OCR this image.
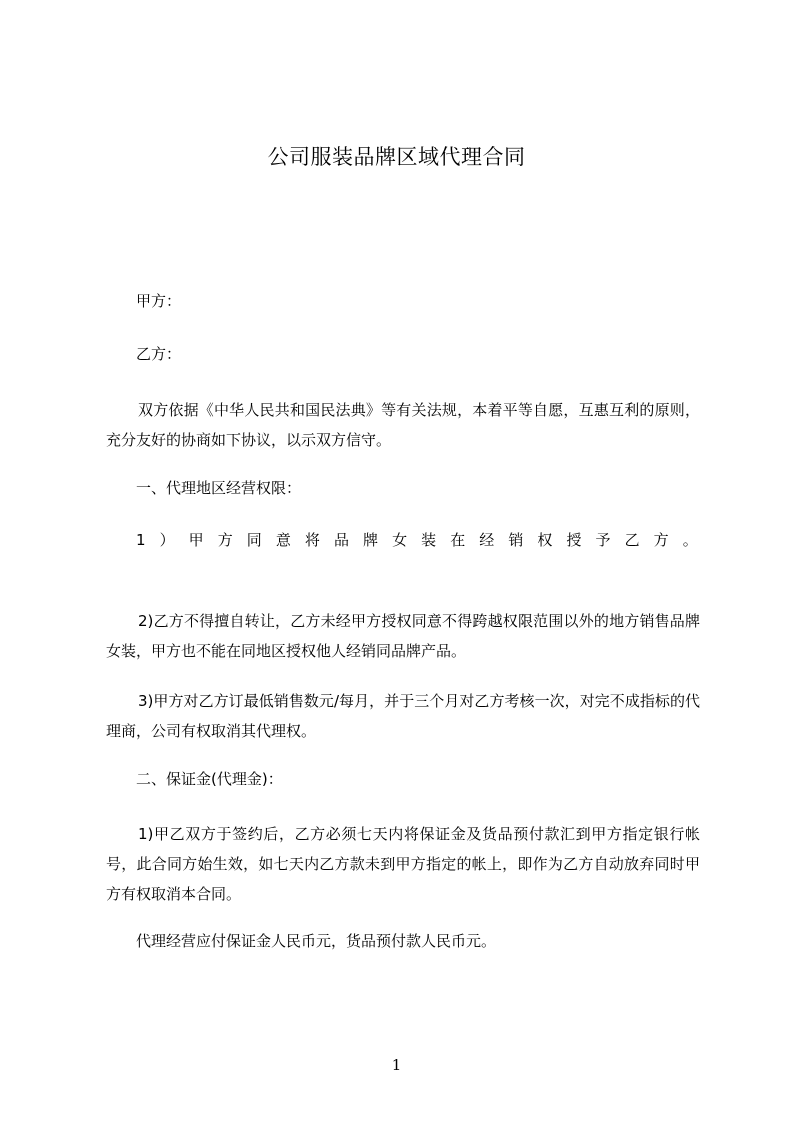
公司服装品牌区域代理合同
甲方：
乙方：
双方依据《中华人民共和国民法典》等有关法规，本着平等自愿，互惠互利的原则，充分友好的协商如下协议，以示双方信守。
一、代理地区经营权限：
1 ） 甲 方 同 意 将 品 牌 女 装 在 经 销 权 授 予 乙 方 。
2)乙方不得擅自转让，乙方未经甲方授权同意不得跨越权限范围以外的地方销售品牌女装，甲方也不能在同地区授权他人经销同品牌产品。
3)甲方对乙方订最低销售数元/每月，并于三个月对乙方考核一次，对完不成指标的代理商，公司有权取消其代理权。
二、保证金(代理金)：
1)甲乙双方于签约后，乙方必须七天内将保证金及货品预付款汇到甲方指定银行帐号，此合同方始生效，如七天内乙方款未到甲方指定的帐上，即作为乙方自动放弃同时甲方有权取消本合同。
代理经营应付保证金人民币元，货品预付款人民币元。
1
